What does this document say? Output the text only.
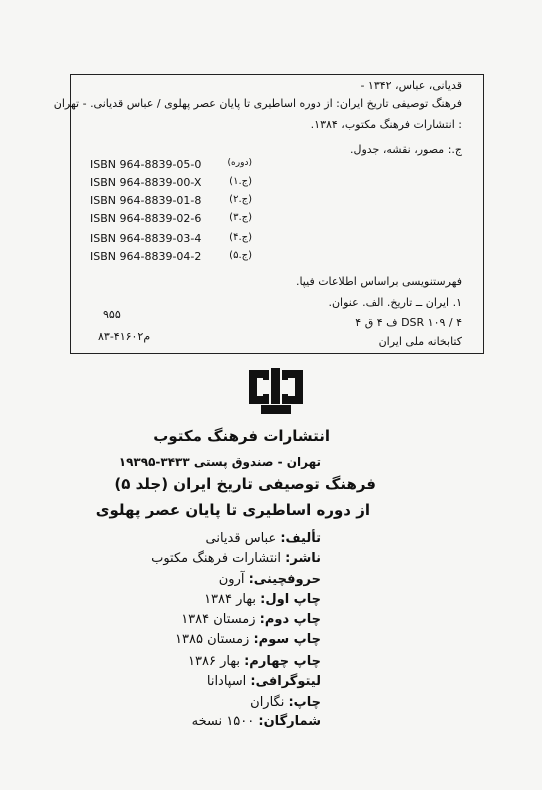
قدیانی، عباس، ۱۳۴۲ -
فرهنگ توصیفی تاریخ ایران: از دوره اساطیری تا پایان عصر پهلوی / عباس قدیانی. - تهران
: انتشارات فرهنگ مکتوب، ۱۳۸۴.
ج.: مصور، نقشه، جدول.
ISBN 964-8839-05-0	(دوره)
ISBN 964-8839-00-X	(ج.۱)
ISBN 964-8839-01-8	(ج.۲)
ISBN 964-8839-02-6	(ج.۳)
ISBN 964-8839-03-4	(ج.۴)
ISBN 964-8839-04-2	(ج.۵)
فهرستنویسی براساس اطلاعات فیپا.
۱. ایران ــ تاریخ. الف. عنوان.
DSR ۱۰۹ / ۴ ف ۴ ق ۴
۹۵۵
کتابخانه ملی ایران
۸۳-۴۱۶۰۲م
انتشارات فرهنگ مکتوب
تهران - صندوق پستی ۳۴۳۳-۱۹۳۹۵
فرهنگ توصیفی تاریخ ایران (جلد ۵)
از دوره اساطیری تا پایان عصر پهلوی
تألیف: عباس قدیانی
ناشر: انتشارات فرهنگ مکتوب
حروفچینی: آرون
چاپ اول: بهار ۱۳۸۴
چاپ دوم: زمستان ۱۳۸۴
چاپ سوم: زمستان ۱۳۸۵
چاپ چهارم: بهار ۱۳۸۶
لیتوگرافی: اسپادانا
چاپ: نگاران
شمارگان: ۱۵۰۰ نسخه
